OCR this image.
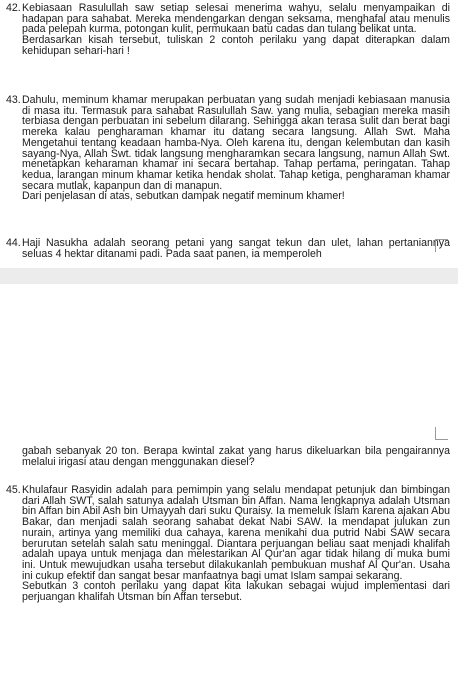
42. Kebiasaan Rasulullah saw setiap selesai menerima wahyu, selalu menyampaikan di hadapan para sahabat. Mereka mendengarkan dengan seksama, menghafal atau menulis pada pelepah kurma, potongan kulit, permukaan batu cadas dan tulang belikat unta.

Berdasarkan kisah tersebut, tuliskan 2 contoh perilaku yang dapat diterapkan dalam kehidupan sehari-hari !

43. Dahulu, meminum khamar merupakan perbuatan yang sudah menjadi kebiasaan manusia di masa itu. Termasuk para sahabat Rasulullah Saw. yang mulia, sebagian mereka masih terbiasa dengan perbuatan ini sebelum dilarang. Sehingga akan terasa sulit dan berat bagi mereka kalau pengharaman khamar itu datang secara langsung. Allah Swt. Maha Mengetahui tentang keadaan hamba-Nya. Oleh karena itu, dengan kelembutan dan kasih sayang-Nya, Allah Swt. tidak langsung mengharamkan secara langsung, namun Allah Swt. menetapkan keharaman khamar ini secara bertahap. Tahap pertama, peringatan. Tahap kedua, larangan minum khamar ketika hendak sholat. Tahap ketiga, pengharaman khamar secara mutlak, kapanpun dan di manapun.

Dari penjelasan di atas, sebutkan dampak negatif meminum khamer!

44. Haji Nasukha adalah seorang petani yang sangat tekun dan ulet, lahan pertaniannya seluas 4 hektar ditanami padi. Pada saat panen, ia memperoleh

gabah sebanyak 20 ton. Berapa kwintal zakat yang harus dikeluarkan bila pengairannya melalui irigasi atau dengan menggunakan diesel?

45. Khulafaur Rasyidin adalah para pemimpin yang selalu mendapat petunjuk dan bimbingan dari Allah SWT, salah satunya adalah Utsman bin Affan. Nama lengkapnya adalah Utsman bin Affan bin Abil Ash bin Umayyah dari suku Quraisy. Ia memeluk Islam karena ajakan Abu Bakar, dan menjadi salah seorang sahabat dekat Nabi SAW. Ia mendapat julukan zun nurain, artinya yang memiliki dua cahaya, karena menikahi dua putrid Nabi SAW secara berurutan setelah salah satu meninggal. Diantara perjuangan beliau saat menjadi khalifah adalah upaya untuk menjaga dan melestarikan Al Qur'an agar tidak hilang di muka bumi ini. Untuk mewujudkan usaha tersebut dilakukanlah pembukuan mushaf Al Qur'an. Usaha ini cukup efektif dan sangat besar manfaatnya bagi umat Islam sampai sekarang.

Sebutkan 3 contoh perilaku yang dapat kita lakukan sebagai wujud implementasi dari perjuangan khalifah Utsman bin Affan tersebut.
